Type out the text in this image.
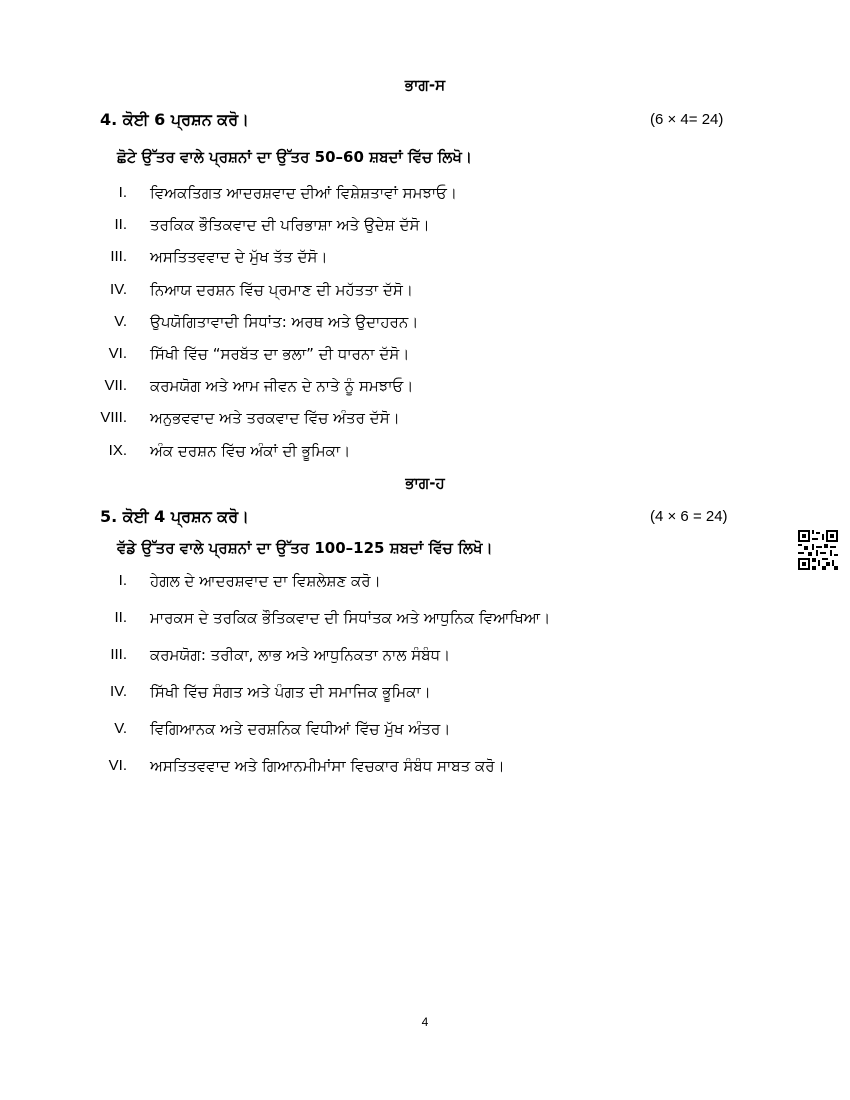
ਭਾਗ-ਸ
4. ਕੋਈ 6 ਪ੍ਰਸ਼ਨ ਕਰੋ।	(6 × 4= 24)
ਛੋਟੇ ਉੱਤਰ ਵਾਲੇ ਪ੍ਰਸ਼ਨਾਂ ਦਾ ਉੱਤਰ 50–60 ਸ਼ਬਦਾਂ ਵਿੱਚ ਲਿਖੋ।
I. ਵਿਅਕਤਿਗਤ ਆਦਰਸ਼ਵਾਦ ਦੀਆਂ ਵਿਸ਼ੇਸ਼ਤਾਵਾਂ ਸਮਝਾਓ।
II. ਤਰਕਿਕ ਭੌਤਿਕਵਾਦ ਦੀ ਪਰਿਭਾਸ਼ਾ ਅਤੇ ਉਦੇਸ਼ ਦੱਸੋ।
III. ਅਸਤਿਤਵਵਾਦ ਦੇ ਮੁੱਖ ਤੱਤ ਦੱਸੋ।
IV. ਨਿਆਯ ਦਰਸ਼ਨ ਵਿੱਚ ਪ੍ਰਮਾਣ ਦੀ ਮਹੱਤਤਾ ਦੱਸੋ।
V. ਉਪਯੋਗਿਤਾਵਾਦੀ ਸਿਧਾਂਤ: ਅਰਥ ਅਤੇ ਉਦਾਹਰਨ।
VI. ਸਿੱਖੀ ਵਿੱਚ “ਸਰਬੱਤ ਦਾ ਭਲਾ” ਦੀ ਧਾਰਨਾ ਦੱਸੋ।
VII. ਕਰਮਯੋਗ ਅਤੇ ਆਮ ਜੀਵਨ ਦੇ ਨਾਤੇ ਨੂੰ ਸਮਝਾਓ।
VIII. ਅਨੁਭਵਵਾਦ ਅਤੇ ਤਰਕਵਾਦ ਵਿੱਚ ਅੰਤਰ ਦੱਸੋ।
IX. ਅੰਕ ਦਰਸ਼ਨ ਵਿੱਚ ਅੰਕਾਂ ਦੀ ਭੂਮਿਕਾ।
ਭਾਗ-ਹ
5. ਕੋਈ 4 ਪ੍ਰਸ਼ਨ ਕਰੋ।	(4 × 6 = 24)
ਵੱਡੇ ਉੱਤਰ ਵਾਲੇ ਪ੍ਰਸ਼ਨਾਂ ਦਾ ਉੱਤਰ 100–125 ਸ਼ਬਦਾਂ ਵਿੱਚ ਲਿਖੋ।
I. ਹੇਗਲ ਦੇ ਆਦਰਸ਼ਵਾਦ ਦਾ ਵਿਸ਼ਲੇਸ਼ਣ ਕਰੋ।
II. ਮਾਰਕਸ ਦੇ ਤਰਕਿਕ ਭੌਤਿਕਵਾਦ ਦੀ ਸਿਧਾਂਤਕ ਅਤੇ ਆਧੁਨਿਕ ਵਿਆਖਿਆ।
III. ਕਰਮਯੋਗ: ਤਰੀਕਾ, ਲਾਭ ਅਤੇ ਆਧੁਨਿਕਤਾ ਨਾਲ ਸੰਬੰਧ।
IV. ਸਿੱਖੀ ਵਿੱਚ ਸੰਗਤ ਅਤੇ ਪੰਗਤ ਦੀ ਸਮਾਜਿਕ ਭੂਮਿਕਾ।
V. ਵਿਗਿਆਨਕ ਅਤੇ ਦਰਸ਼ਨਿਕ ਵਿਧੀਆਂ ਵਿੱਚ ਮੁੱਖ ਅੰਤਰ।
VI. ਅਸਤਿਤਵਵਾਦ ਅਤੇ ਗਿਆਨਮੀਮਾਂਸਾ ਵਿਚਕਾਰ ਸੰਬੰਧ ਸਾਬਤ ਕਰੋ।
4
